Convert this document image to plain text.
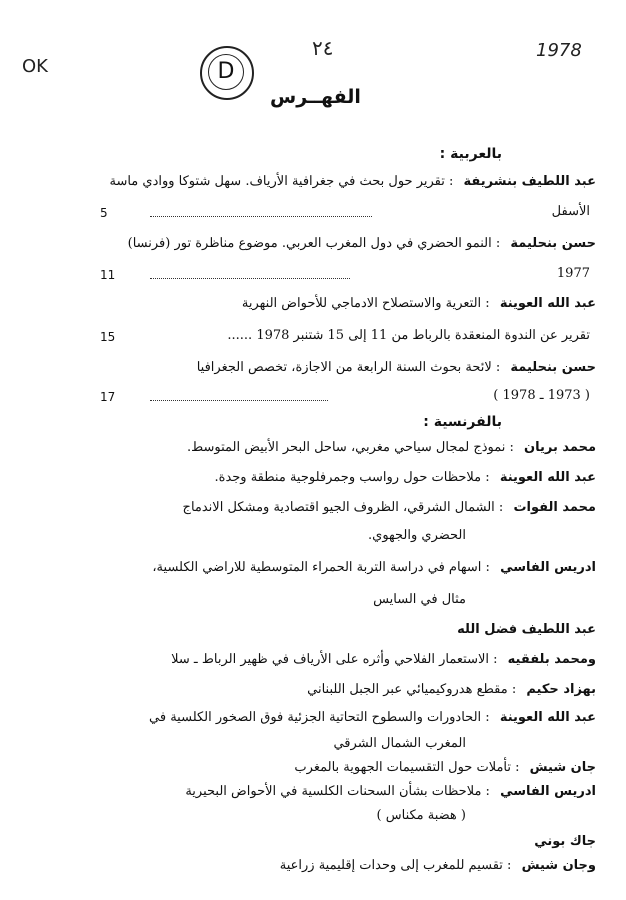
OK	D
٢٤	1978
الفهــرس
بالعربية :
عبد اللطيف بنشريفة : تقرير حول بحث في جغرافية الأرياف. سهل شتوكا ووادي ماسة
الأسفل
5
حسن بنحليمة : النمو الحضري في دول المغرب العربي. موضوع مناظرة تور (فرنسا)
1977
11
عبد الله العوينة : التعرية والاستصلاح الادماجي للأحواض النهرية
تقرير عن الندوة المنعقدة بالرباط من 11 إلى 15 شتنبر 1978 ......
15
حسن بنحليمة : لائحة بحوث السنة الرابعة من الاجازة، تخصص الجغرافيا
( 1973 ـ 1978 )
17
بالفرنسية :
محمد بريان : نموذج لمجال سياحي مغربي، ساحل البحر الأبيض المتوسط.
عبد الله العوينة : ملاحظات حول رواسب وجمرفلوجية منطقة وجدة.
محمد الفوات : الشمال الشرقي، الظروف الجيو اقتصادية ومشكل الاندماج
الحضري والجهوي.
ادريس الفاسي : اسهام في دراسة التربة الحمراء المتوسطية للاراضي الكلسية،
مثال في السايس
عبد اللطيف فضل الله
ومحمد بلفقيه : الاستعمار الفلاحي وأثره على الأرياف في ظهير الرباط ـ سلا
بهزاد حكيم : مقطع هدروكيميائي عبر الجبل اللبناني
عبد الله العوينة : الحادورات والسطوح التحاتية الجزئية فوق الصخور الكلسية في
المغرب الشمال الشرقي
جان شيش : تأملات حول التقسيمات الجهوية بالمغرب
ادريس الفاسي : ملاحظات بشأن السحنات الكلسية في الأحواض البحيرية
( هضبة مكناس )
جاك بوني
وجان شيش : تقسيم للمغرب إلى وحدات إقليمية زراعية
